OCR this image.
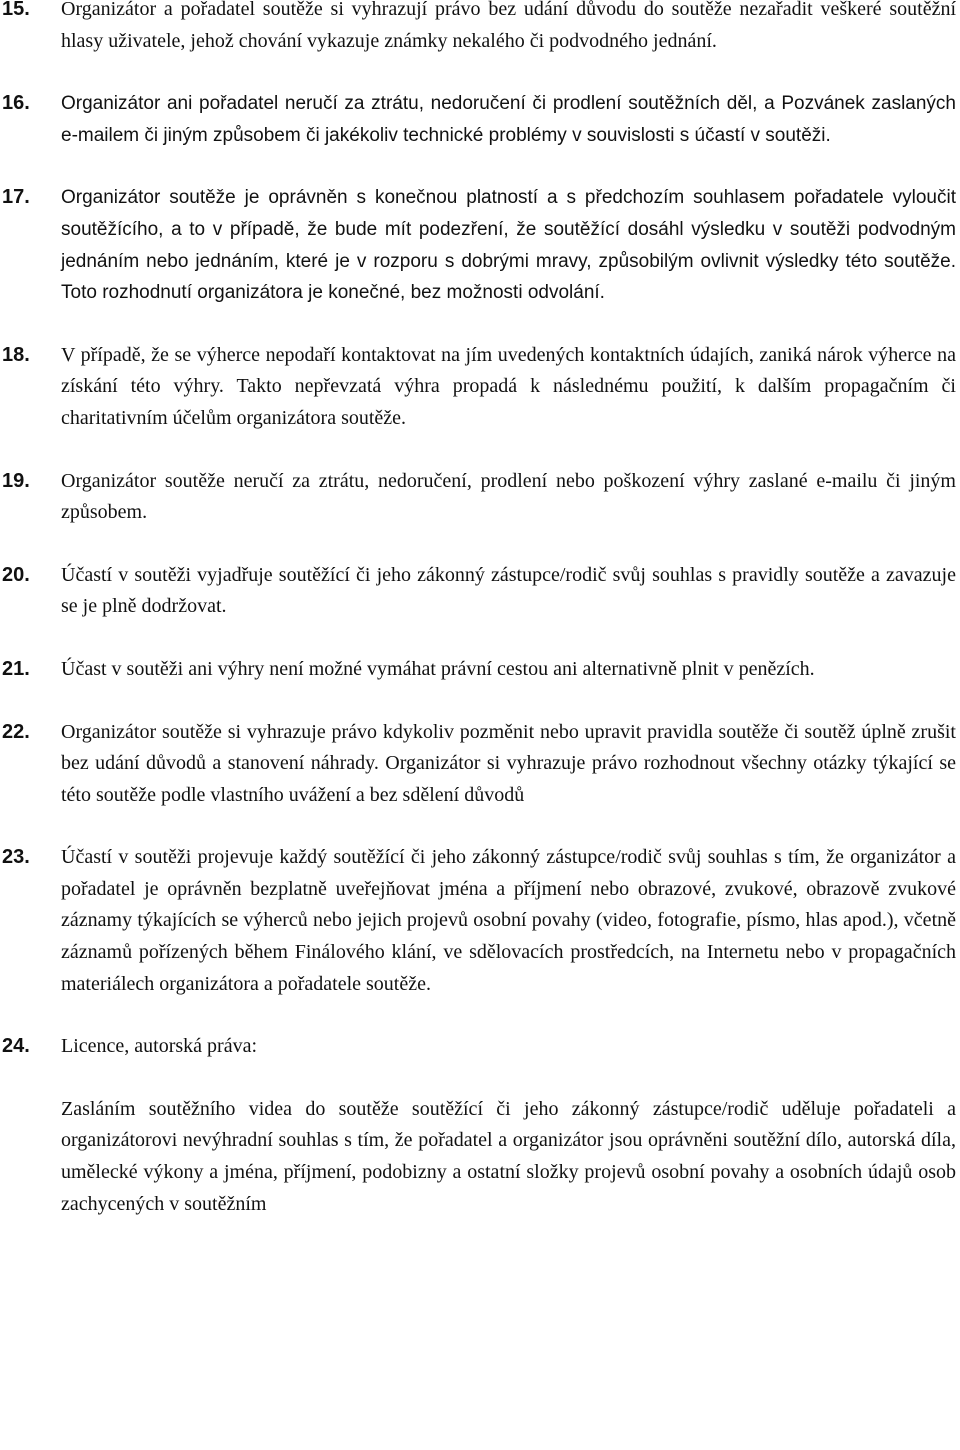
15. Organizátor a pořadatel soutěže si vyhrazují právo bez udání důvodu do soutěže nezařadit veškeré soutěžní hlasy uživatele, jehož chování vykazuje známky nekalého či podvodného jednání.
16. Organizátor ani pořadatel neručí za ztrátu, nedoručení či prodlení soutěžních děl, a Pozvánek zaslaných e-mailem či jiným způsobem či jakékoliv technické problémy v souvislosti s účastí v soutěži.
17. Organizátor soutěže je oprávněn s konečnou platností a s předchozím souhlasem pořadatele vyloučit soutěžícího, a to v případě, že bude mít podezření, že soutěžící dosáhl výsledku v soutěži podvodným jednáním nebo jednáním, které je v rozporu s dobrými mravy, způsobilým ovlivnit výsledky této soutěže. Toto rozhodnutí organizátora je konečné, bez možnosti odvolání.
18. V případě, že se výherce nepodaří kontaktovat na jím uvedených kontaktních údajích, zaniká nárok výherce na získání této výhry. Takto nepřevzatá výhra propadá k následnému použití, k dalším propagačním či charitativním účelům organizátora soutěže.
19. Organizátor soutěže neručí za ztrátu, nedoručení, prodlení nebo poškození výhry zaslané e-mailu či jiným způsobem.
20. Účastí v soutěži vyjadřuje soutěžící či jeho zákonný zástupce/rodič svůj souhlas s pravidly soutěže a zavazuje se je plně dodržovat.
21. Účast v soutěži ani výhry není možné vymáhat právní cestou ani alternativně plnit v penězích.
22. Organizátor soutěže si vyhrazuje právo kdykoliv pozměnit nebo upravit pravidla soutěže či soutěž úplně zrušit bez udání důvodů a stanovení náhrady. Organizátor si vyhrazuje právo rozhodnout všechny otázky týkající se této soutěže podle vlastního uvážení a bez sdělení důvodů
23. Účastí v soutěži projevuje každý soutěžící či jeho zákonný zástupce/rodič svůj souhlas s tím, že organizátor a pořadatel je oprávněn bezplatně uveřejňovat jména a příjmení nebo obrazové, zvukové, obrazově zvukové záznamy týkajících se výherců nebo jejich projevů osobní povahy (video, fotografie, písmo, hlas apod.), včetně záznamů pořízených během Finálového klání, ve sdělovacích prostředcích, na Internetu nebo v propagačních materiálech organizátora a pořadatele soutěže.
24. Licence, autorská práva:
Zasláním soutěžního videa do soutěže soutěžící či jeho zákonný zástupce/rodič uděluje pořadateli a organizátorovi nevýhradní souhlas s tím, že pořadatel a organizátor jsou oprávněni soutěžní dílo, autorská díla, umělecké výkony a jména, příjmení, podobizny a ostatní složky projevů osobní povahy a osobních údajů osob zachycených v soutěžním
